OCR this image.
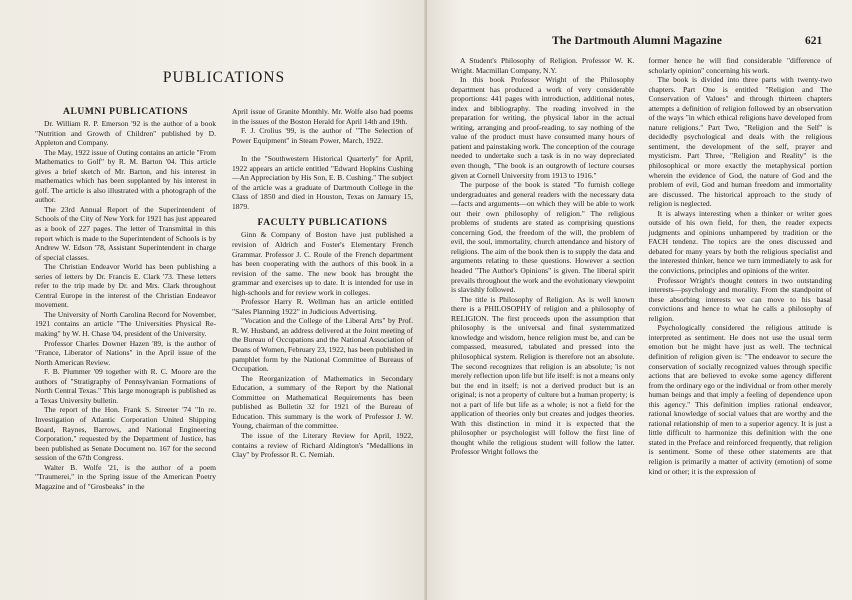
PUBLICATIONS
ALUMNI PUBLICATIONS

Dr. William R. P. Emerson '92 is the author of a book "Nutrition and Growth of Children" published by D. Appleton and Company.

The May, 1922 issue of Outing contains an article "From Mathematics to Golf" by R. M. Barton '04. This article gives a brief sketch of Mr. Barton, and his interest in mathematics which has been supplanted by his interest in golf. The article is also illustrated with a photograph of the author.

The 23rd Annual Report of the Superintendent of Schools of the City of New York for 1921 has just appeared as a book of 227 pages. The letter of Transmittal in this report which is made to the Superintendent of Schools is by Andrew W. Edson '78, Assistant Superintendent in charge of special classes.

The Christian Endeavor World has been publishing a series of letters by Dr. Francis E. Clark '73. These letters refer to the trip made by Dr. and Mrs. Clark throughout Central Europe in the interest of the Christian Endeavor movement.

The University of North Carolina Record for November, 1921 contains an article "The Universities Physical Re-making" by W. H. Chase '04, president of the University.

Professor Charles Downer Hazen '89, is the author of "France, Liberator of Nations" in the April issue of the North American Review.

F. B. Plummer '09 together with R. C. Moore are the authors of "Stratigraphy of Pennsylvanian Formations of North Central Texas." This large monograph is published as a Texas University bulletin.

The report of the Hon. Frank S. Streeter '74 "In re. Investigation of Atlantic Corporation United Shipping Board, Raynes, Barrows, and National Engineering Corporation," requested by the Department of Justice, has been published as Senate Document no. 167 for the second session of the 67th Congress.

Walter B. Wolfe '21, is the author of a poem "Traumerei," in the Spring issue of the American Poetry Magazine and of "Grosbeaks" in the

April issue of Granite Monthly. Mr. Wolfe also had poems in the issues of the Boston Herald for April 14th and 19th.

F. J. Crolius '99, is the author of "The Selection of Power Equipment" in Steam Power, March, 1922.

In the "Southwestern Historical Quarterly" for April, 1922 appears an article entitled "Edward Hopkins Cushing—An Appreciation by His Son, E. B. Cushing." The subject of the article was a graduate of Dartmouth College in the Class of 1850 and died in Houston, Texas on January 15, 1879.

FACULTY PUBLICATIONS

Ginn & Company of Boston have just published a revision of Aldrich and Foster's Elementary French Grammar. Professor J. C. Roule of the French department has been cooperating with the authors of this book in a revision of the same. The new book has brought the grammar and exercises up to date. It is intended for use in high-schools and for review work in colleges.

Professor Harry R. Wellman has an article entitled "Sales Planning 1922" in Judicious Advertising.

"Vocation and the College of the Liberal Arts" by Prof. R. W. Husband, an address delivered at the Joint meeting of the Bureau of Occupations and the National Association of Deans of Women, February 23, 1922, has been published in pamphlet form by the National Committee of Bureaus of Occupation.

The Reorganization of Mathematics in Secondary Education, a summary of the Report by the National Committee on Mathematical Requirements has been published as Bulletin 32 for 1921 of the Bureau of Education. This summary is the work of Professor J. W. Young, chairman of the committee.

The issue of the Literary Review for April, 1922, contains a review of Richard Aldington's "Medallions in Clay" by Professor R. C. Nemiah.

A Student's Philosophy of Religion. Professor W. K. Wright. Macmillan Company, N.Y.

In this book Professor Wright of the Philosophy department has produced a work of very considerable proportions: 441 pages with introduction, additional notes, index and bibliography. The reading involved in the preparation for writing, the physical labor in the actual writing, arranging and proof-reading, to say nothing of the value of the product must have consumed many hours of patient and painstaking work. The conception of the courage needed to undertake such a task is in no way depreciated even though, "The book is an outgrowth of lecture courses given at Cornell University from 1913 to 1916."

The purpose of the book is stated "To furnish college undergraduates and general readers with the necessary data—facts and arguments—on which they will be able to work out their own philosophy of religion." The religious problems of students are stated as comprising questions concerning God, the freedom of the will, the problem of evil, the soul, immortality, church attendance and history of religions. The aim of the book then is to supply the data and arguments relating to these questions. However a section headed "The Author's Opinions" is given. The liberal spirit prevails throughout the work and the evolutionary viewpoint is slavishly followed.

The title is Philosophy of Religion. As is well known there is a PHILOSOPHY of religion and a philosophy of RELIGION. The first proceeds upon the assumption that philosophy is the universal and final systemmatized knowledge and wisdom, hence religion must be, and can be compassed, measured, tabulated and pressed into the philosophical system. Religion is therefore not an absolute. The second recognizes that religion is an absolute; 'is not merely reflection upon life but life itself: is not a means only but the end in itself; is not a derived product but is an original; is not a property of culture but a human property; is not a part of life but life as a whole; is not a field for the application of theories only but creates and judges theories. With this distinction in mind it is expected that the philosopher or psychologist will follow the first line of thought while the religious student will follow the latter. Professor Wright follows the

former hence he will find considerable "difference of scholarly opinion" concerning his work.

The book is divided into three parts with twenty-two chapters. Part One is entitled "Religion and The Conservation of Values" and through thirteen chapters attempts a definition of religion followed by an observation of the ways "in which ethical religions have developed from nature religions." Part Two, "Religion and the Self" is decidedly psychological and deals with the religious sentiment, the development of the self, prayer and mysticism. Part Three, "Religion and Reality" is the philosophical or more exactly the metaphysical portion wherein the evidence of God, the nature of God and the problem of evil, God and human freedom and immortality are discussed. The historical approach to the study of religion is neglected.

It is always interesting when a thinker or writer goes outside of his own field, for then, the reader expects judgments and opinions unhampered by tradition or the FACH tendenz. The topics are the ones discussed and debated for many years by both the religious specialist and the interested thinker, hence we turn immediately to ask for the convictions, principles and opinions of the writer.

Professor Wright's thought centers in two outstanding interests—psychology and morality. From the standpoint of these absorbing interests we can move to his basal convictions and hence to what he calls a philosophy of religion.

Psychologically considered the religious attitude is interpreted as sentiment. He does not use the usual term emotion but he might have just as well. The technical definition of religion given is: "The endeavor to secure the conservation of socially recognized values through specific actions that are believed to evoke some agency different from the ordinary ego or the individual or from other merely human beings and that imply a feeling of dependence upon this agency." This definition implies rational endeavor, rational knowledge of social values that are worthy and the rational relationship of men to a superior agency. It is just a little difficult to harmonize this definition with the one stated in the Preface and reinforced frequently, that religion is sentiment. Some of these other statements are that religion is primarily a matter of activity (emotion) of some kind or other; it is the expression of

The Dartmouth Alumni Magazine	621
